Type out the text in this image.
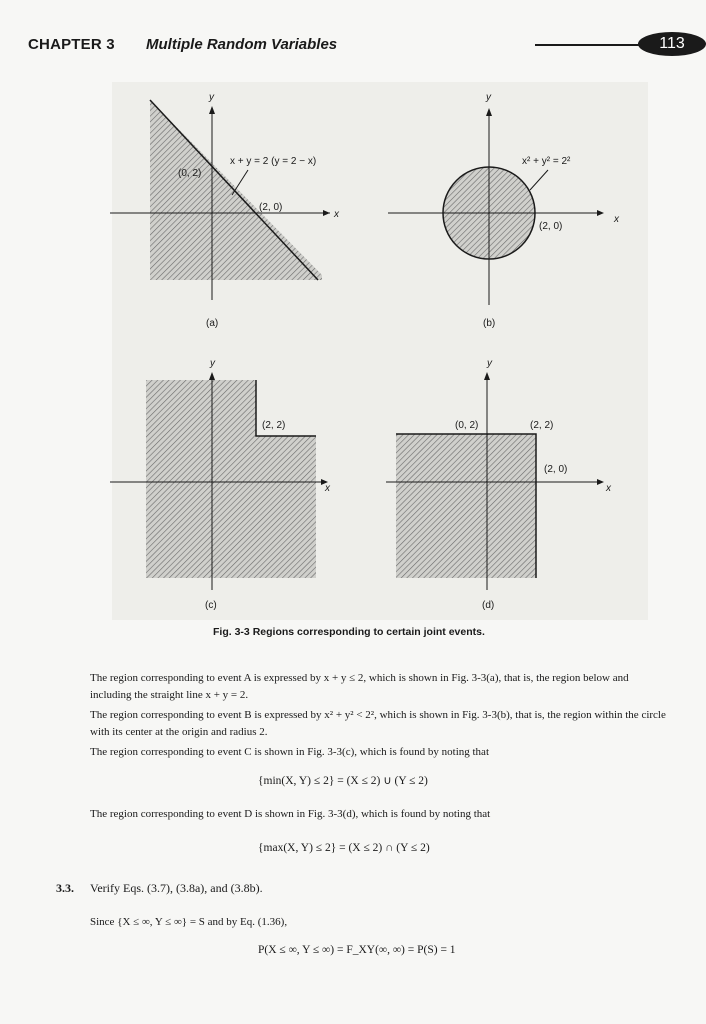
CHAPTER 3 Multiple Random Variables	113
y
x
(0, 2)
(2, 0)
x + y = 2 (y = 2 − x)
(a)
y
x
x² + y² = 2²
(2, 0)
(b)
y
x
(2, 2)
(c)
y
x
(0, 2)	(2, 2)
(2, 0)
(d)
Fig. 3-3 Regions corresponding to certain joint events.
The region corresponding to event A is expressed by x + y ≤ 2, which is shown in Fig. 3-3(a), that is, the region below and including the straight line x + y = 2.
The region corresponding to event B is expressed by x² + y² < 2², which is shown in Fig. 3-3(b), that is, the region within the circle with its center at the origin and radius 2.
The region corresponding to event C is shown in Fig. 3-3(c), which is found by noting that
{min(X, Y) ≤ 2} = (X ≤ 2) ∪ (Y ≤ 2)
The region corresponding to event D is shown in Fig. 3-3(d), which is found by noting that
{max(X, Y) ≤ 2} = (X ≤ 2) ∩ (Y ≤ 2)
3.3. Verify Eqs. (3.7), (3.8a), and (3.8b).
Since {X ≤ ∞, Y ≤ ∞} = S and by Eq. (1.36),
P(X ≤ ∞, Y ≤ ∞) = F_XY(∞, ∞) = P(S) = 1
